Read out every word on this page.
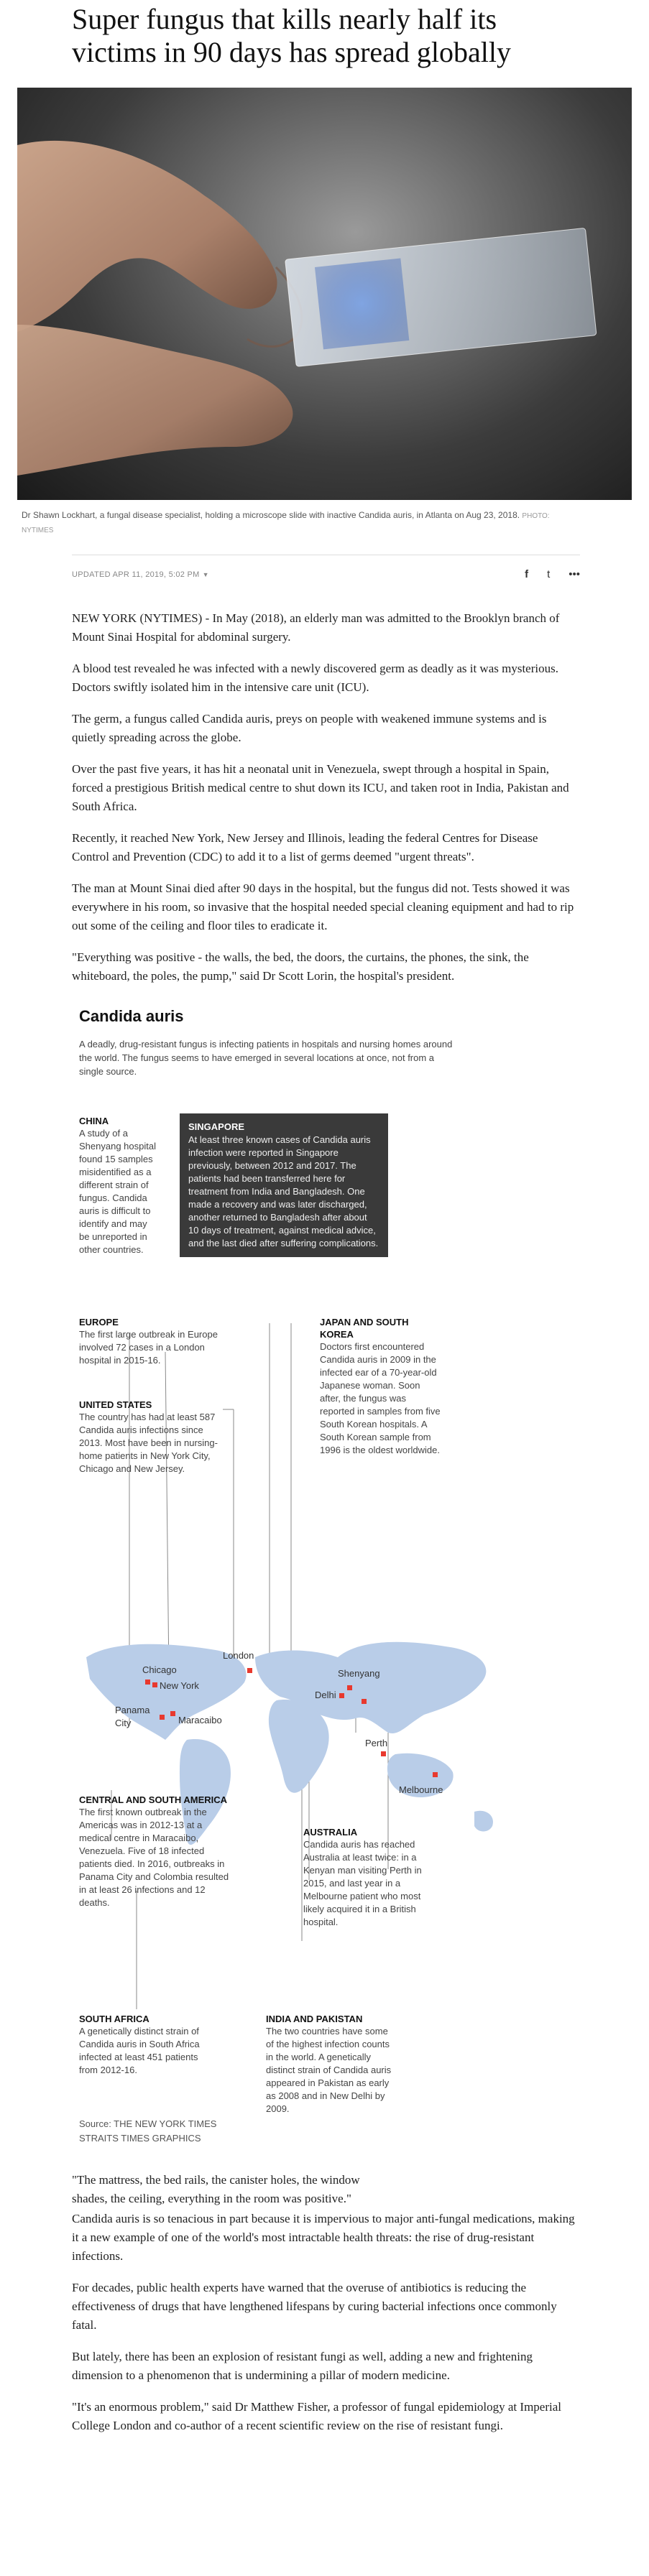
Super fungus that kills nearly half its victims in 90 days has spread globally
Dr Shawn Lockhart, a fungal disease specialist, holding a microscope slide with inactive Candida auris, in Atlanta on Aug 23, 2018. PHOTO: NYTIMES
UPDATED APR 11, 2019, 5:02 PM ▼	f t •••

NEW YORK (NYTIMES) - In May (2018), an elderly man was admitted to the Brooklyn branch of Mount Sinai Hospital for abdominal surgery.

A blood test revealed he was infected with a newly discovered germ as deadly as it was mysterious. Doctors swiftly isolated him in the intensive care unit (ICU).

The germ, a fungus called Candida auris, preys on people with weakened immune systems and is quietly spreading across the globe.

Over the past five years, it has hit a neonatal unit in Venezuela, swept through a hospital in Spain, forced a prestigious British medical centre to shut down its ICU, and taken root in India, Pakistan and South Africa.

Recently, it reached New York, New Jersey and Illinois, leading the federal Centres for Disease Control and Prevention (CDC) to add it to a list of germs deemed "urgent threats".

The man at Mount Sinai died after 90 days in the hospital, but the fungus did not. Tests showed it was everywhere in his room, so invasive that the hospital needed special cleaning equipment and had to rip out some of the ceiling and floor tiles to eradicate it.

"Everything was positive - the walls, the bed, the doors, the curtains, the phones, the sink, the whiteboard, the poles, the pump," said Dr Scott Lorin, the hospital's president.

Candida auris
A deadly, drug-resistant fungus is infecting patients in hospitals and nursing homes around the world. The fungus seems to have emerged in several locations at once, not from a single source.
CHINA
A study of a Shenyang hospital found 15 samples misidentified as a different strain of fungus. Candida auris is difficult to identify and may be unreported in other countries.
SINGAPORE
At least three known cases of Candida auris infection were reported in Singapore previously, between 2012 and 2017. The patients had been transferred here for treatment from India and Bangladesh. One made a recovery and was later discharged, another returned to Bangladesh after about 10 days of treatment, against medical advice, and the last died after suffering complications.
EUROPE
The first large outbreak in Europe involved 72 cases in a London hospital in 2015-16.
JAPAN AND SOUTH KOREA
Doctors first encountered Candida auris in 2009 in the infected ear of a 70-year-old Japanese woman. Soon after, the fungus was reported in samples from five South Korean hospitals. A South Korean sample from 1996 is the oldest worldwide.
UNITED STATES
The country has had at least 587 Candida auris infections since 2013. Most have been in nursing-home patients in New York City, Chicago and New Jersey.
Chicago
New York
London
Shenyang
Delhi
Panama City	Maracaibo
Perth
Melbourne
CENTRAL AND SOUTH AMERICA
The first known outbreak in the Americas was in 2012-13 at a medical centre in Maracaibo, Venezuela. Five of 18 infected patients died. In 2016, outbreaks in Panama City and Colombia resulted in at least 26 infections and 12 deaths.
AUSTRALIA
Candida auris has reached Australia at least twice: in a Kenyan man visiting Perth in 2015, and last year in a Melbourne patient who most likely acquired it in a British hospital.
SOUTH AFRICA
A genetically distinct strain of Candida auris in South Africa infected at least 451 patients from 2012-16.
INDIA AND PAKISTAN
The two countries have some of the highest infection counts in the world. A genetically distinct strain of Candida auris appeared in Pakistan as early as 2008 and in New Delhi by 2009.
Source: THE NEW YORK TIMES
STRAITS TIMES GRAPHICS
"The mattress, the bed rails, the canister holes, the window shades, the ceiling, everything in the room was positive."

Candida auris is so tenacious in part because it is impervious to major anti-fungal medications, making it a new example of one of the world's most intractable health threats: the rise of drug-resistant infections.

For decades, public health experts have warned that the overuse of antibiotics is reducing the effectiveness of drugs that have lengthened lifespans by curing bacterial infections once commonly fatal.

But lately, there has been an explosion of resistant fungi as well, adding a new and frightening dimension to a phenomenon that is undermining a pillar of modern medicine.

"It's an enormous problem," said Dr Matthew Fisher, a professor of fungal epidemiology at Imperial College London and co-author of a recent scientific review on the rise of resistant fungi.
